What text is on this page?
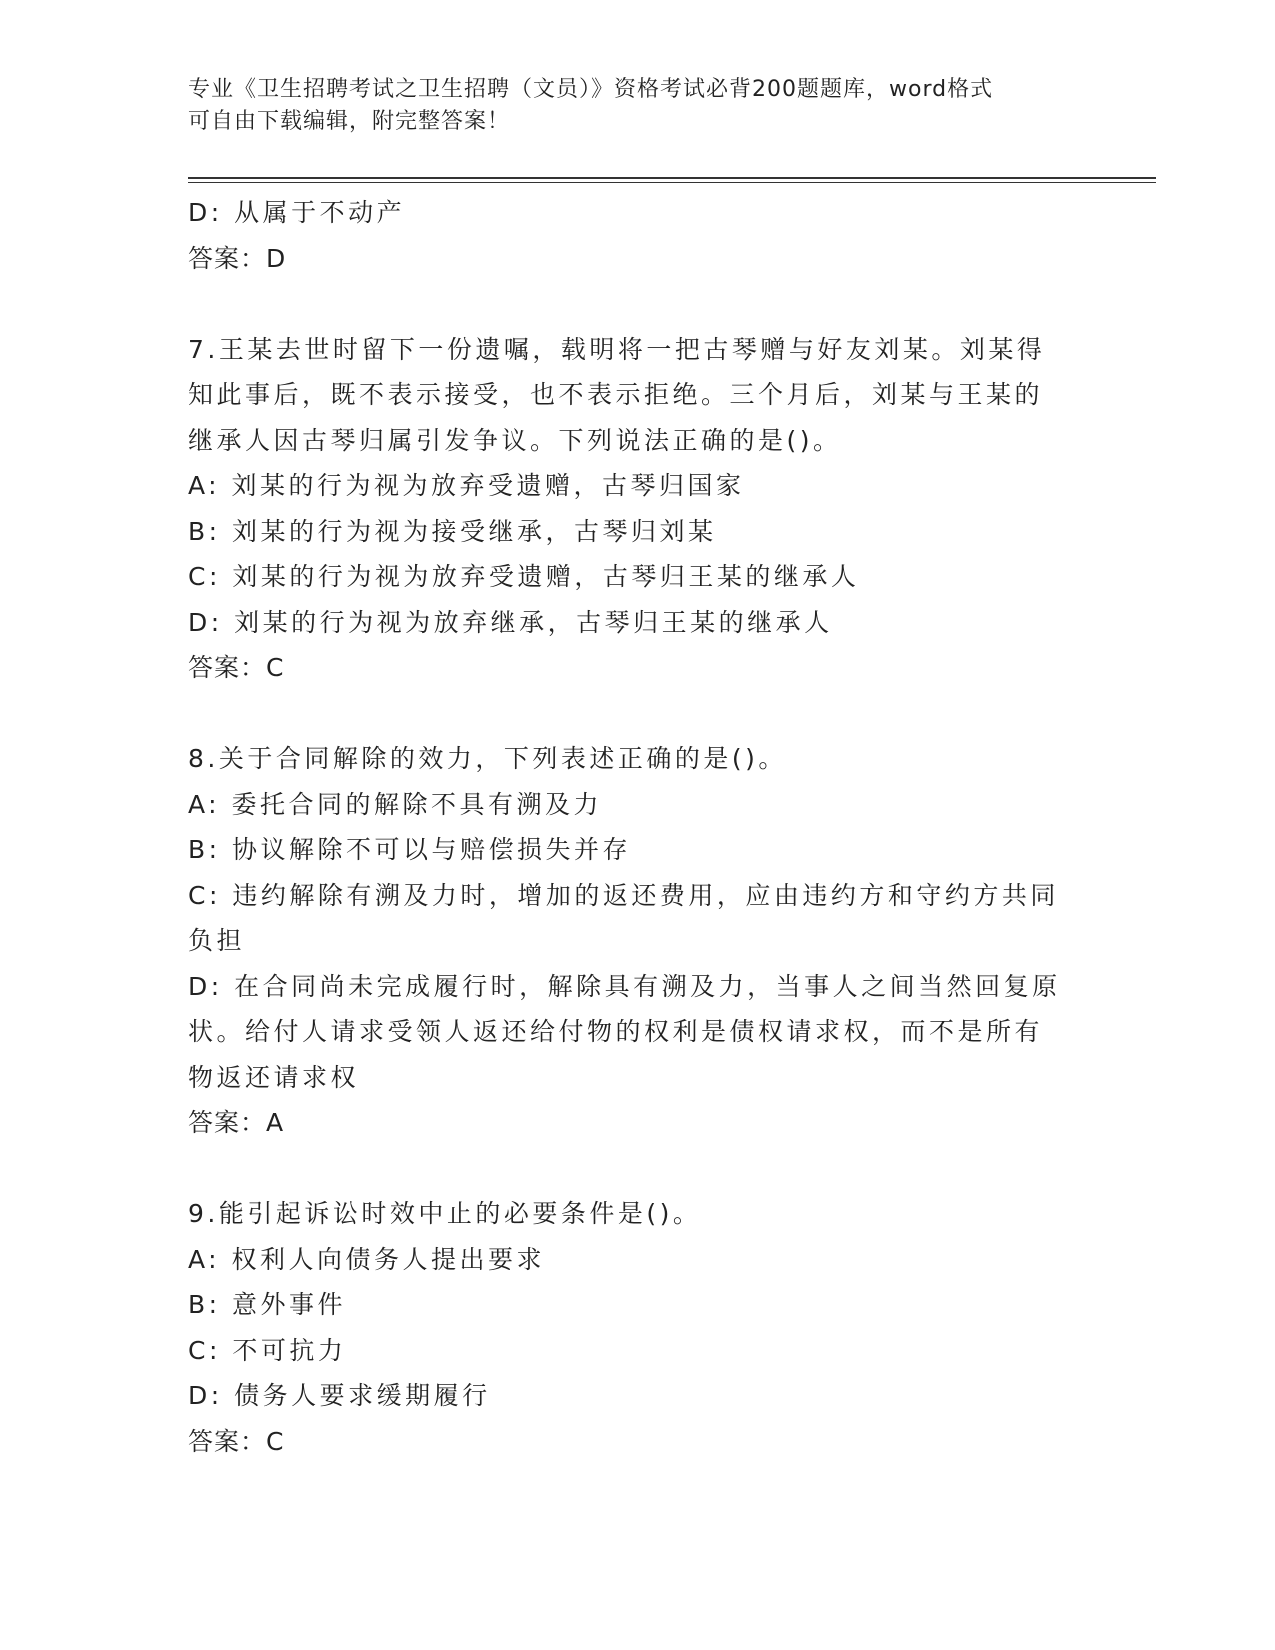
专业《卫生招聘考试之卫生招聘（文员）》资格考试必背200题题库，word格式
可自由下载编辑，附完整答案！
D: 从属于不动产
答案：D
7.王某去世时留下一份遗嘱，载明将一把古琴赠与好友刘某。刘某得
知此事后，既不表示接受，也不表示拒绝。三个月后，刘某与王某的
继承人因古琴归属引发争议。下列说法正确的是()。
A: 刘某的行为视为放弃受遗赠，古琴归国家
B: 刘某的行为视为接受继承，古琴归刘某
C: 刘某的行为视为放弃受遗赠，古琴归王某的继承人
D: 刘某的行为视为放弃继承，古琴归王某的继承人
答案：C
8.关于合同解除的效力，下列表述正确的是()。
A: 委托合同的解除不具有溯及力
B: 协议解除不可以与赔偿损失并存
C: 违约解除有溯及力时，增加的返还费用，应由违约方和守约方共同
负担
D: 在合同尚未完成履行时，解除具有溯及力，当事人之间当然回复原
状。给付人请求受领人返还给付物的权利是债权请求权，而不是所有
物返还请求权
答案：A
9.能引起诉讼时效中止的必要条件是()。
A: 权利人向债务人提出要求
B: 意外事件
C: 不可抗力
D: 债务人要求缓期履行
答案：C
